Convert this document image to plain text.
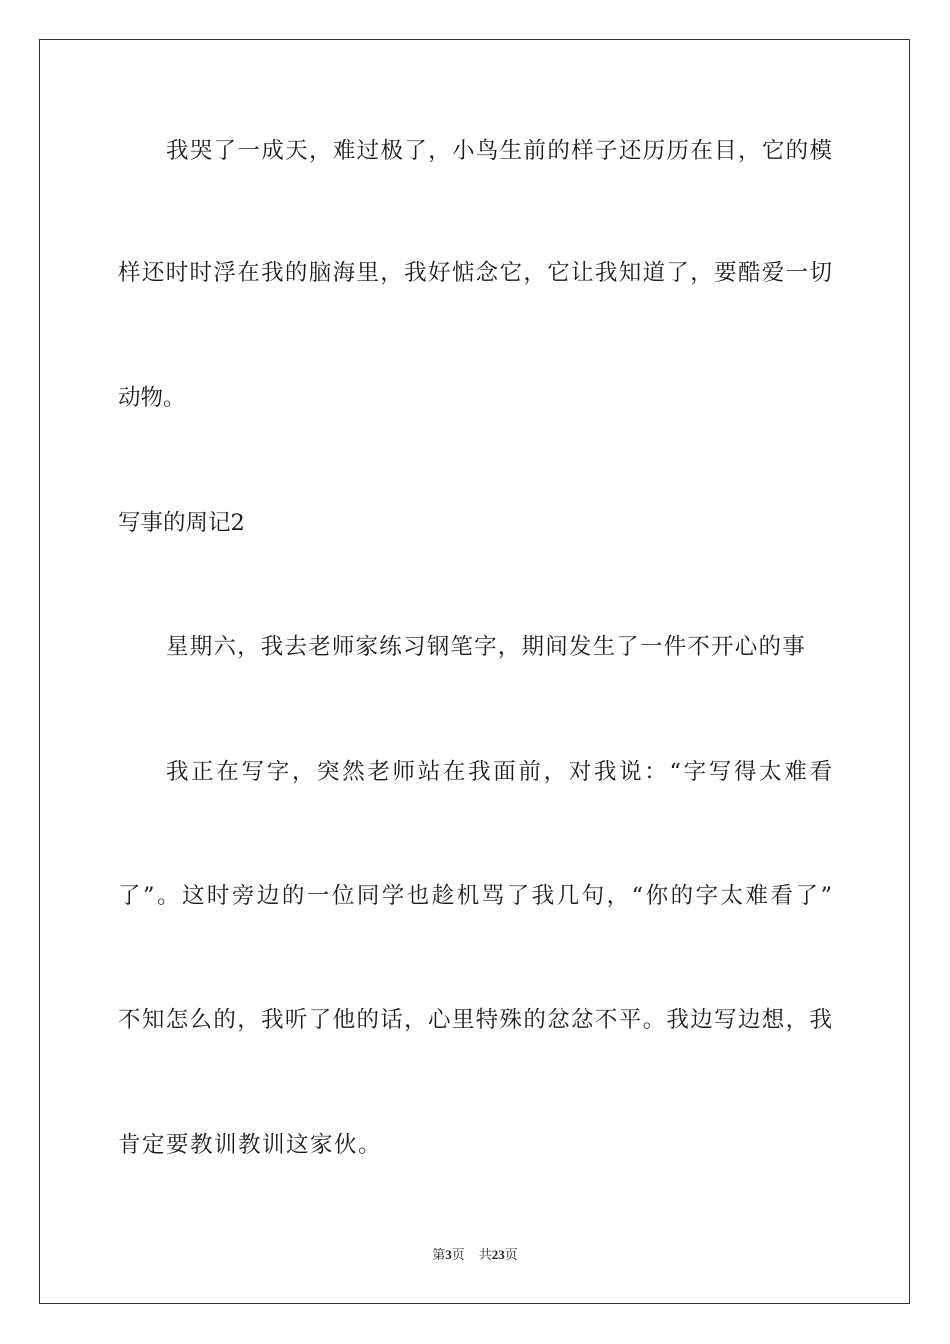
我哭了一成天，难过极了，小鸟生前的样子还历历在目，它的模
样还时时浮在我的脑海里，我好惦念它，它让我知道了，要酷爱一切
动物。
写事的周记2
星期六，我去老师家练习钢笔字，期间发生了一件不开心的事
我正在写字，突然老师站在我面前，对我说：“字写得太难看
了”。这时旁边的一位同学也趁机骂了我几句，“你的字太难看了”
不知怎么的，我听了他的话，心里特殊的忿忿不平。我边写边想，我
肯定要教训教训这家伙。
第3页 共23页
